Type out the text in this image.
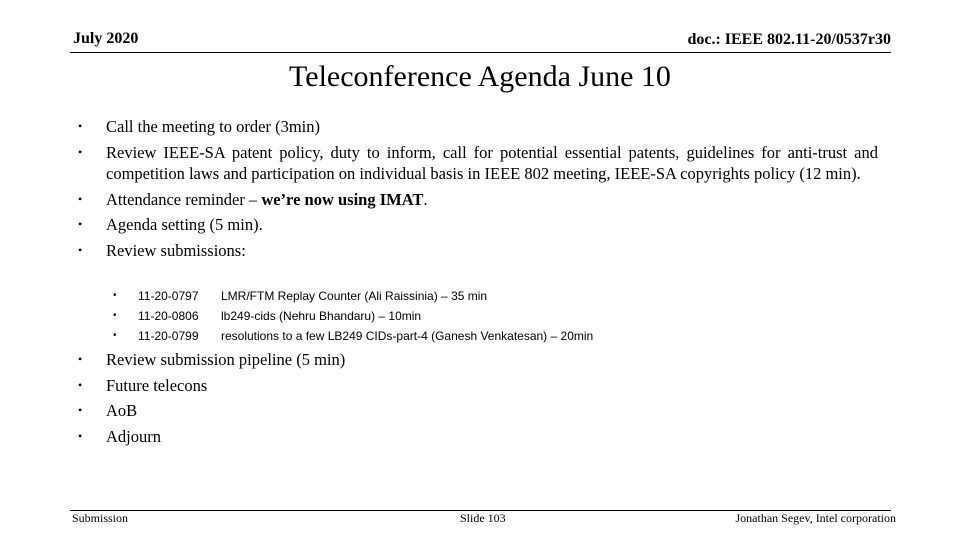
July 2020	doc.: IEEE 802.11-20/0537r30
Teleconference Agenda June 10
• Call the meeting to order (3min)
• Review IEEE-SA patent policy, duty to inform, call for potential essential patents, guidelines for anti-trust and competition laws and participation on individual basis in IEEE 802 meeting, IEEE-SA copyrights policy (12 min).
• Attendance reminder – we’re now using IMAT.
• Agenda setting (5 min).
• Review submissions:
• 11-20-0797 LMR/FTM Replay Counter (Ali Raissinia) – 35 min
• 11-20-0806 lb249-cids (Nehru Bhandaru) – 10min
• 11-20-0799 resolutions to a few LB249 CIDs-part-4 (Ganesh Venkatesan) – 20min
• Review submission pipeline (5 min)
• Future telecons
• AoB
• Adjourn
Submission	Slide 103	Jonathan Segev, Intel corporation
